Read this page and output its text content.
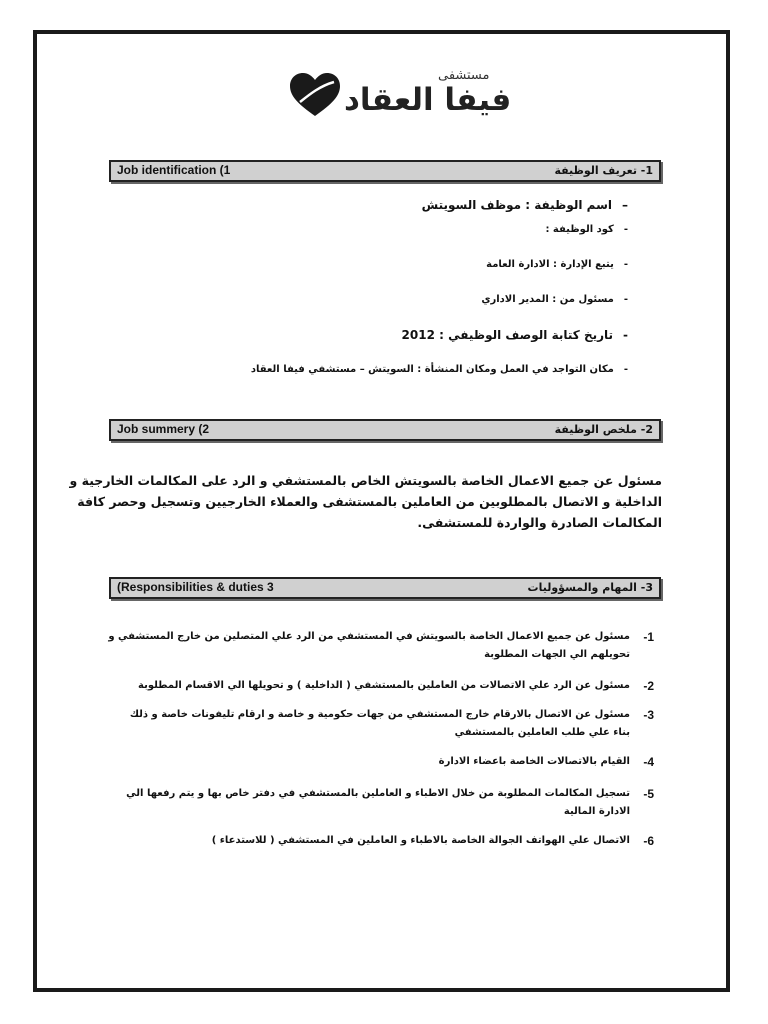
مستشفى
فيفا العقاد
Job identification (1	1- تعريف الوظيفة
–اسم الوظيفة : موظف السويتش
-كود الوظيفة :
-يتبع الإدارة : الادارة العامة
-مسئول من : المدير الاداري
-تاريخ كتابة الوصف الوظيفي : 2012
-مكان التواجد في العمل ومكان المنشأة : السويتش – مستشفي فيفا العقاد
Job summery (2	2- ملخص الوظيفة
مسئول عن جميع الاعمال الخاصة بالسويتش الخاص بالمستشفي و الرد على المكالمات الخارجية و
الداخلية و الاتصال بالمطلوبين من العاملين بالمستشفى والعملاء الخارجيين وتسجيل وحصر كافة
المكالمات الصادرة والواردة للمستشفى.
(Responsibilities & duties 3	3- المهام والمسؤوليات
1-
مسئول عن جميع الاعمال الخاصة بالسويتش في المستشفي من الرد علي المتصلين من خارج المستشفي و
تحويلهم الي الجهات المطلوبة
2-
مسئول عن الرد علي الاتصالات من العاملين بالمستشفي ( الداخلية ) و تحويلها الي الاقسام المطلوبة
3-
مسئول عن الاتصال بالارقام خارج المستشفي من جهات حكومية و خاصة و ارقام تليفونات خاصة و ذلك
بناء علي طلب العاملين بالمستشفي
4-
القيام بالاتصالات الخاصة باعضاء الادارة
5-
تسجيل المكالمات المطلوبة من خلال الاطباء و العاملين بالمستشفي في دفتر خاص بها و يتم رفعها الي
الادارة المالية
6-
الاتصال علي الهواتف الجوالة الخاصة بالاطباء و العاملين في المستشفي ( للاستدعاء )
